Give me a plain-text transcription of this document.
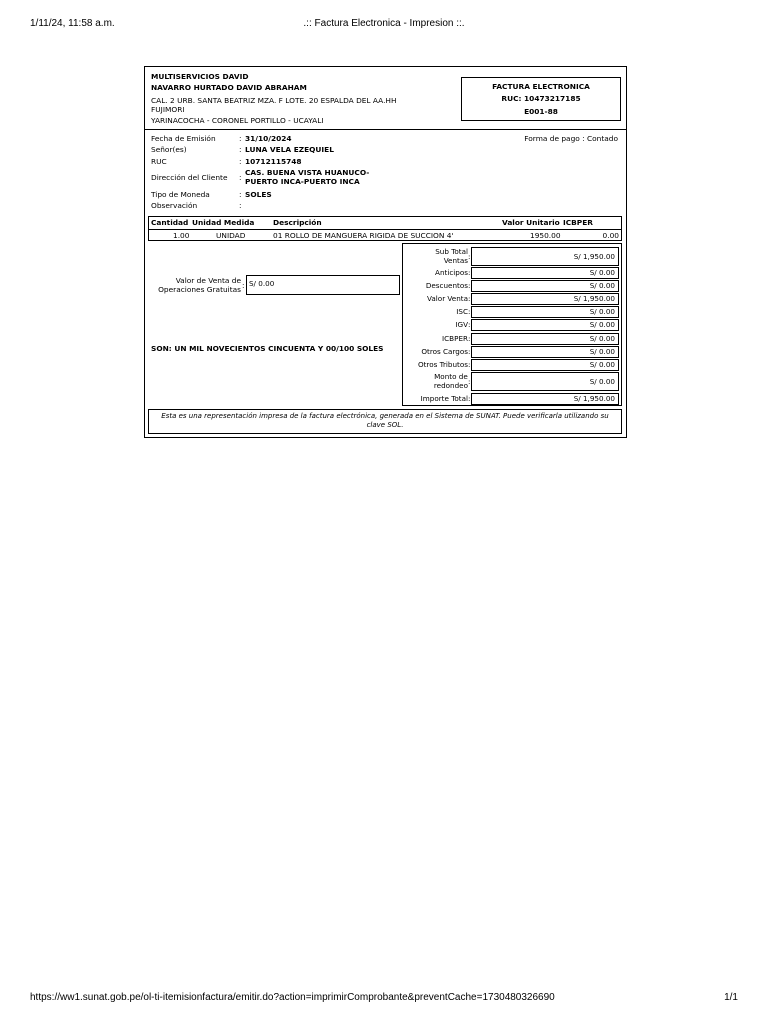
1/11/24, 11:58 a.m.	.:: Factura Electronica - Impresion ::.
MULTISERVICIOS DAVID
NAVARRO HURTADO DAVID ABRAHAM
CAL. 2 URB. SANTA BEATRIZ MZA. F LOTE. 20 ESPALDA DEL AA.HH
FUJIMORI
YARINACOCHA - CORONEL PORTILLO - UCAYALI
FACTURA ELECTRONICA
RUC: 10473217185
E001-88
Fecha de Emisión	: 31/10/2024	Forma de pago : Contado
Señor(es)	: LUNA VELA EZEQUIEL
RUC	: 10712115748
Dirección del Cliente :
CAS. BUENA VISTA HUANUCO-
PUERTO INCA-PUERTO INCA
Tipo de Moneda	: SOLES
Observación	:
Cantidad Unidad Medida	Descripción	Valor Unitario ICBPER
1.00	UNIDAD	01 ROLLO DE MANGUERA RIGIDA DE SUCCION 4'	1950.00	0.00
Valor de Venta de
Operaciones Gratuitas : S/ 0.00
SON: UN MIL NOVECIENTOS CINCUENTA Y 00/100 SOLES
Sub Total
Ventas :	S/ 1,950.00
Anticipos :	S/ 0.00
Descuentos :	S/ 0.00
Valor Venta :	S/ 1,950.00
ISC :	S/ 0.00
IGV :	S/ 0.00
ICBPER :	S/ 0.00
Otros Cargos :	S/ 0.00
Otros Tributos :	S/ 0.00
Monto de
redondeo :	S/ 0.00
Importe Total :	S/ 1,950.00
Esta es una representación impresa de la factura electrónica, generada en el Sistema de SUNAT. Puede verificarla utilizando su clave SOL.
https://ww1.sunat.gob.pe/ol-ti-itemisionfactura/emitir.do?action=imprimirComprobante&preventCache=1730480326690	1/1
